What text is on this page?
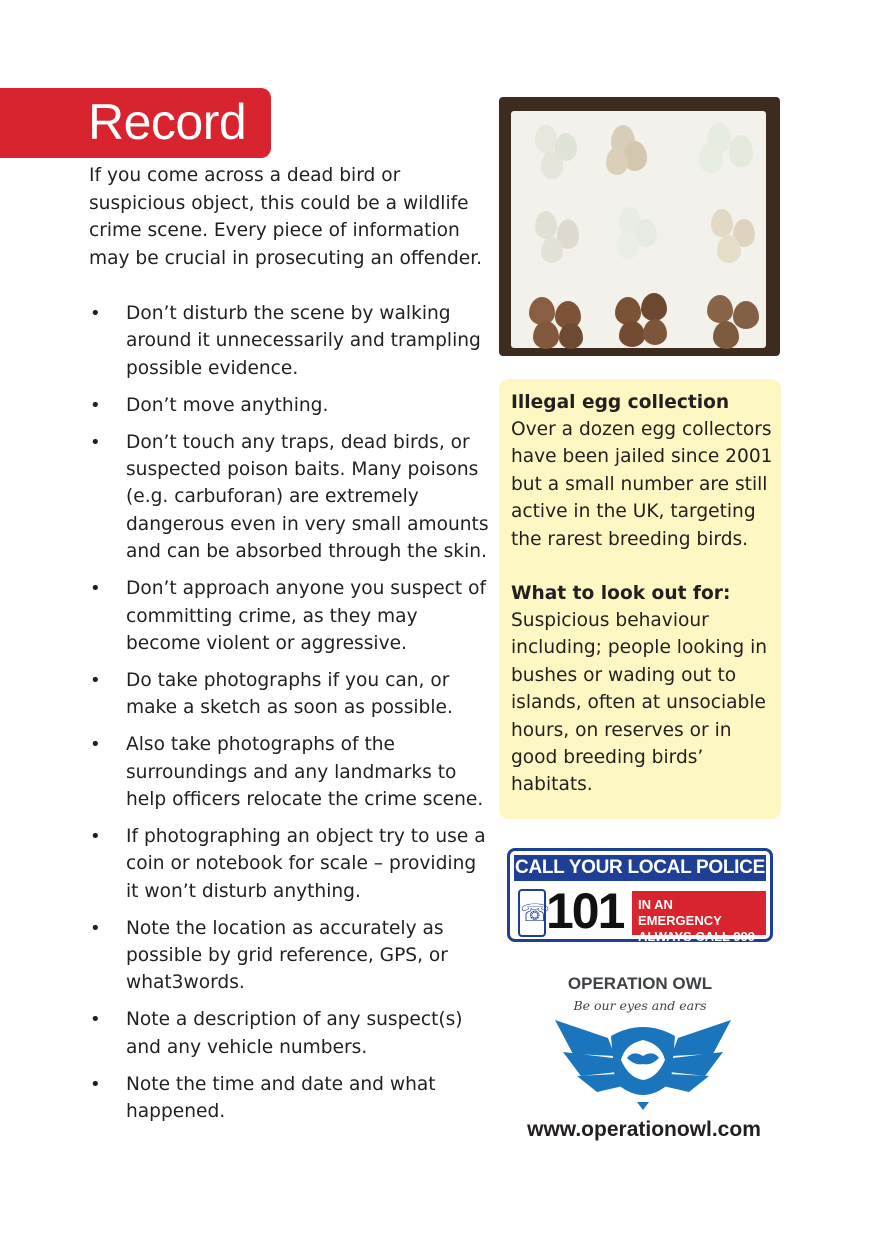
Record

If you come across a dead bird or suspicious object, this could be a wildlife crime scene. Every piece of information may be crucial in prosecuting an offender.

• Don’t disturb the scene by walking around it unnecessarily and trampling possible evidence.
• Don’t move anything.
• Don’t touch any traps, dead birds, or suspected poison baits. Many poisons (e.g. carbuforan) are extremely dangerous even in very small amounts and can be absorbed through the skin.
• Don’t approach anyone you suspect of committing crime, as they may become violent or aggressive.
• Do take photographs if you can, or make a sketch as soon as possible.
• Also take photographs of the surroundings and any landmarks to help officers relocate the crime scene.
• If photographing an object try to use a coin or notebook for scale – providing it won’t disturb anything.
• Note the location as accurately as possible by grid reference, GPS, or what3words.
• Note a description of any suspect(s) and any vehicle numbers.
• Note the time and date and what happened.

Illegal egg collection

Over a dozen egg collectors have been jailed since 2001 but a small number are still active in the UK, targeting the rarest breeding birds.

What to look out for:

Suspicious behaviour including; people looking in bushes or wading out to islands, often at unsociable hours, on reserves or in good breeding birds’ habitats.

CALL YOUR LOCAL POLICE
☏
101 IN AN EMERGENCY
ALWAYS CALL 999
OPERATION OWL
Be our eyes and ears
www.operationowl.com
